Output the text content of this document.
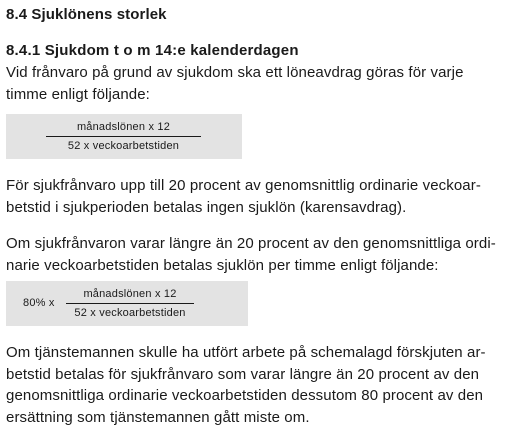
8.4 Sjuklönens storlek
8.4.1 Sjukdom t o m 14:e kalenderdagen
Vid frånvaro på grund av sjukdom ska ett löneavdrag göras för varje
timme enligt följande:
månadslönen x 12
52 x veckoarbetstiden
För sjukfrånvaro upp till 20 procent av genomsnittlig ordinarie veckoar-
betstid i sjukperioden betalas ingen sjuklön (karensavdrag).
Om sjukfrånvaron varar längre än 20 procent av den genomsnittliga ordi-
narie veckoarbetstiden betalas sjuklön per timme enligt följande:
80% x
månadslönen x 12
52 x veckoarbetstiden
Om tjänstemannen skulle ha utfört arbete på schemalagd förskjuten ar-
betstid betalas för sjukfrånvaro som varar längre än 20 procent av den
genomsnittliga ordinarie veckoarbetstiden dessutom 80 procent av den
ersättning som tjänstemannen gått miste om.
